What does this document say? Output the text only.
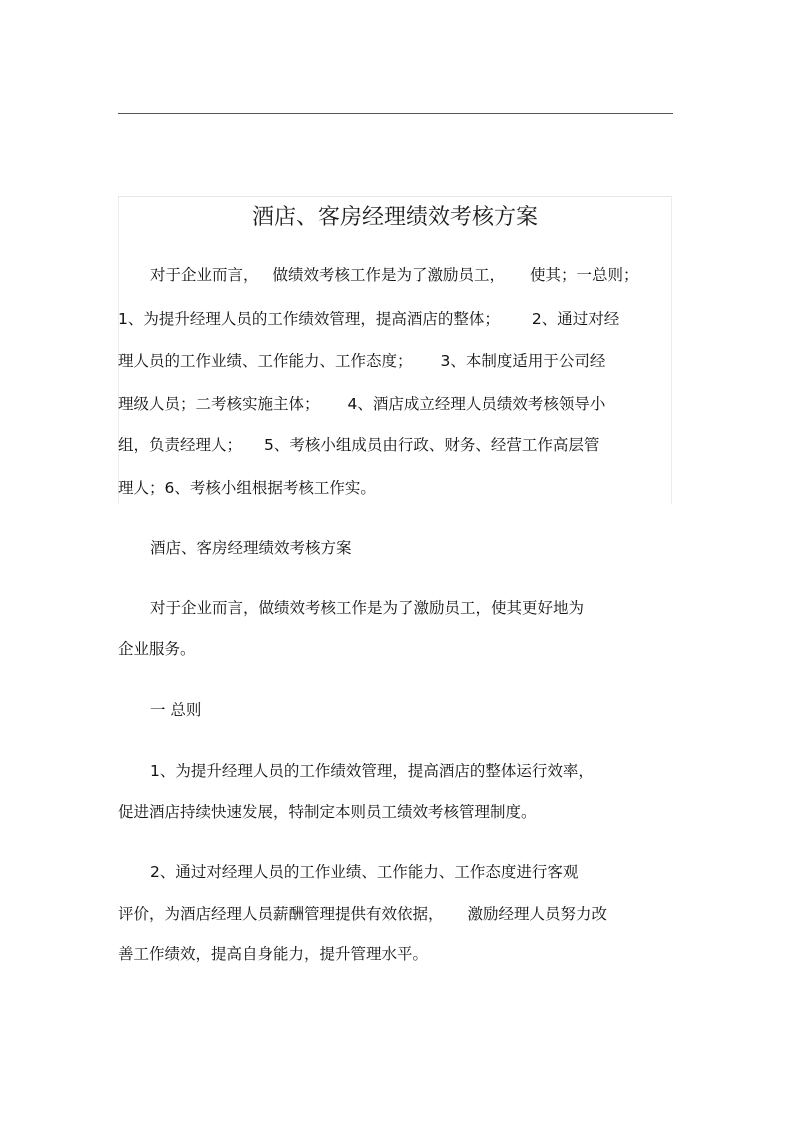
酒店、客房经理绩效考核方案
对于企业而言， 做绩效考核工作是为了激励员工， 使其；一总则；
1、为提升经理人员的工作绩效管理，提高酒店的整体； 2、通过对经
理人员的工作业绩、工作能力、工作态度； 3、本制度适用于公司经
理级人员；二考核实施主体； 4、酒店成立经理人员绩效考核领导小
组，负责经理人； 5、考核小组成员由行政、财务、经营工作高层管
理人；6、考核小组根据考核工作实。
酒店、客房经理绩效考核方案
对于企业而言，做绩效考核工作是为了激励员工，使其更好地为
企业服务。
一 总则
1、为提升经理人员的工作绩效管理，提高酒店的整体运行效率，
促进酒店持续快速发展，特制定本则员工绩效考核管理制度。
2、通过对经理人员的工作业绩、工作能力、工作态度进行客观
评价，为酒店经理人员薪酬管理提供有效依据， 激励经理人员努力改
善工作绩效，提高自身能力，提升管理水平。
